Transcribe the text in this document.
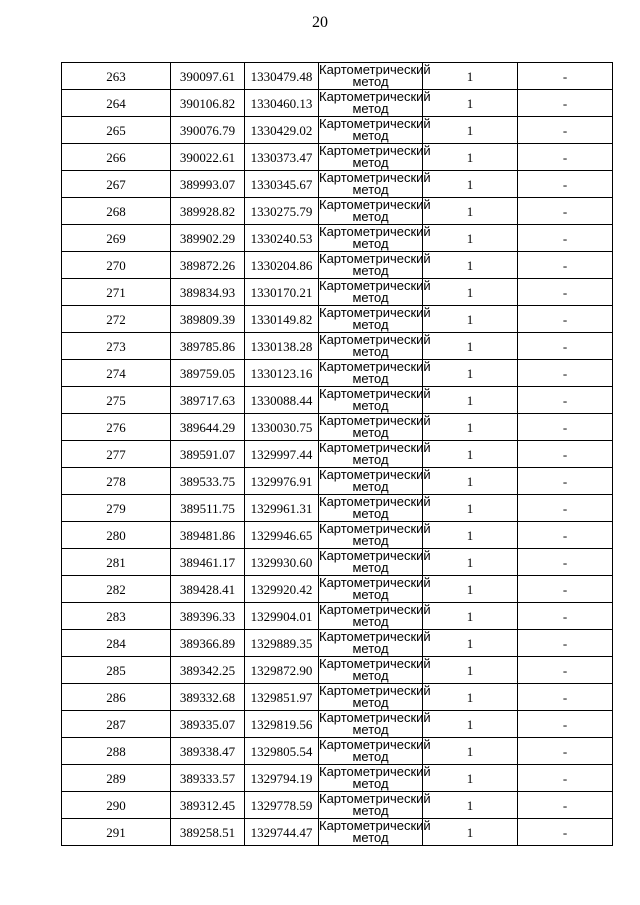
20
263	390097.61	1330479.48	Картометрический
метод	1	-
264	390106.82	1330460.13	Картометрический
метод	1	-
265	390076.79	1330429.02	Картометрический
метод	1	-
266	390022.61	1330373.47	Картометрический
метод	1	-
267	389993.07	1330345.67	Картометрический
метод	1	-
268	389928.82	1330275.79	Картометрический
метод	1	-
269	389902.29	1330240.53	Картометрический
метод	1	-
270	389872.26	1330204.86	Картометрический
метод	1	-
271	389834.93	1330170.21	Картометрический
метод	1	-
272	389809.39	1330149.82	Картометрический
метод	1	-
273	389785.86	1330138.28	Картометрический
метод	1	-
274	389759.05	1330123.16	Картометрический
метод	1	-
275	389717.63	1330088.44	Картометрический
метод	1	-
276	389644.29	1330030.75	Картометрический
метод	1	-
277	389591.07	1329997.44	Картометрический
метод	1	-
278	389533.75	1329976.91	Картометрический
метод	1	-
279	389511.75	1329961.31	Картометрический
метод	1	-
280	389481.86	1329946.65	Картометрический
метод	1	-
281	389461.17	1329930.60	Картометрический
метод	1	-
282	389428.41	1329920.42	Картометрический
метод	1	-
283	389396.33	1329904.01	Картометрический
метод	1	-
284	389366.89	1329889.35	Картометрический
метод	1	-
285	389342.25	1329872.90	Картометрический
метод	1	-
286	389332.68	1329851.97	Картометрический
метод	1	-
287	389335.07	1329819.56	Картометрический
метод	1	-
288	389338.47	1329805.54	Картометрический
метод	1	-
289	389333.57	1329794.19	Картометрический
метод	1	-
290	389312.45	1329778.59	Картометрический
метод	1	-
291	389258.51	1329744.47	Картометрический
метод	1	-
